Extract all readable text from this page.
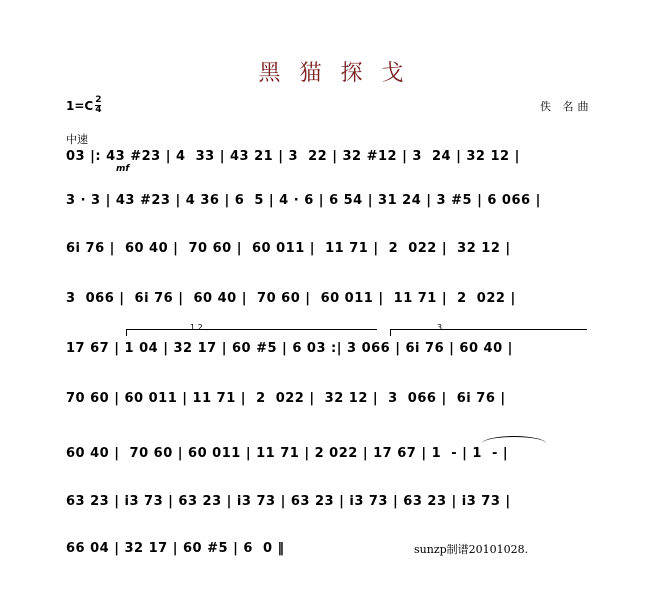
黑 猫 探 戈
$1=C \frac{2}{4}$	佚 名曲
中速
03 |: 43 #23 | 4  33 | 43 21 | 3  22 | 32 #12 | 3  24 | 32 12 |
mf
3 · 3 | 43 #23 | 4 36 | 6  5 | 4 · 6 | 6 54 | 31 24 | 3 #5 | 6 066 |
6i 76 |  60 40 |  70 60 |  60 011 |  11 71 |  2  022 |  32 12 |
3  066 |  6i 76 |  60 40 |  70 60 |  60 011 |  11 71 |  2  022 |
1 2	3
17 67 | 1 04 | 32 17 | 60 #5 | 6 03 :| 3 066 | 6i 76 | 60 40 |
70 60 | 60 011 | 11 71 |  2  022 |  32 12 |  3  066 |  6i 76 |
60 40 |  70 60 | 60 011 | 11 71 | 2 022 | 17 67 | 1  - | 1  - |
63 23 | i3 73 | 63 23 | i3 73 | 63 23 | i3 73 | 63 23 | i3 73 |
66 04 | 32 17 | 60 #5 | 6  0 ‖	sunzp制谱20101028.
